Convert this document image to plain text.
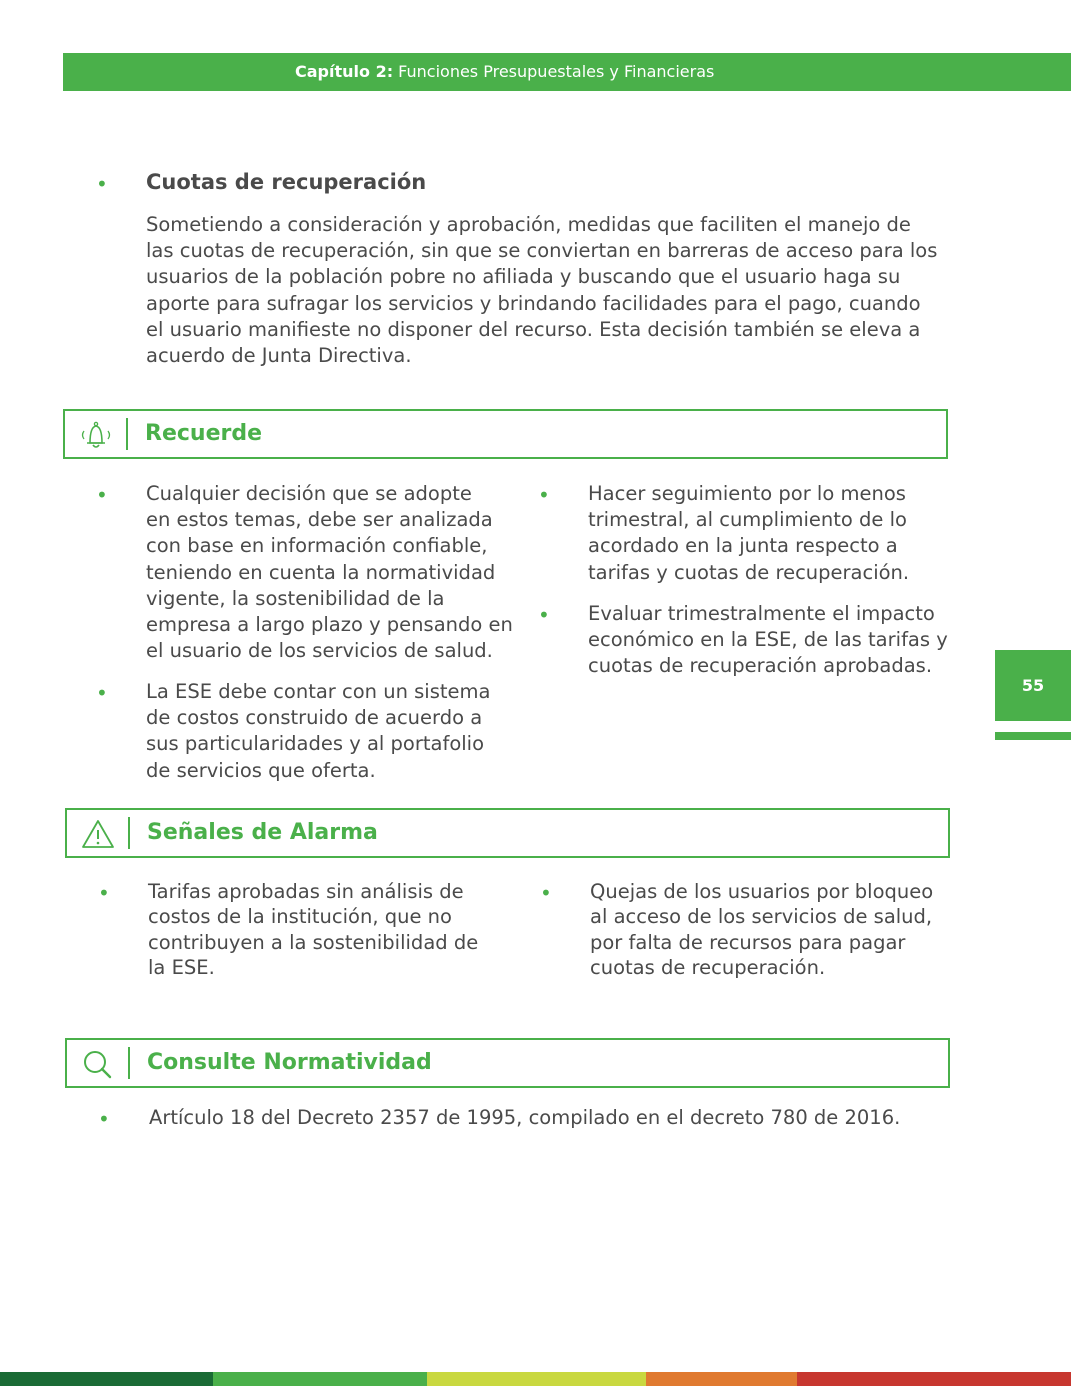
Capítulo 2: Funciones Presupuestales y Financieras
• Cuotas de recuperación

Sometiendo a consideración y aprobación, medidas que faciliten el manejo de

las cuotas de recuperación, sin que se conviertan en barreras de acceso para los

usuarios de la población pobre no afiliada y buscando que el usuario haga su

aporte para sufragar los servicios y brindando facilidades para el pago, cuando

el usuario manifieste no disponer del recurso. Esta decisión también se eleva a

acuerdo de Junta Directiva.

Recuerde
• Cualquier decisión que se adopte

en estos temas, debe ser analizada

con base en información confiable,

teniendo en cuenta la normatividad

vigente, la sostenibilidad de la

empresa a largo plazo y pensando en

el usuario de los servicios de salud.

• La ESE debe contar con un sistema

de costos construido de acuerdo a

sus particularidades y al portafolio

de servicios que oferta.

• Hacer seguimiento por lo menos

trimestral, al cumplimiento de lo

acordado en la junta respecto a

tarifas y cuotas de recuperación.

• Evaluar trimestralmente el impacto

económico en la ESE, de las tarifas y

cuotas de recuperación aprobadas.

Señales de Alarma
• Tarifas aprobadas sin análisis de

costos de la institución, que no

contribuyen a la sostenibilidad de

la ESE.

• Quejas de los usuarios por bloqueo

al acceso de los servicios de salud,

por falta de recursos para pagar

cuotas de recuperación.

Consulte Normatividad
• Artículo 18 del Decreto 2357 de 1995, compilado en el decreto 780 de 2016.
55
